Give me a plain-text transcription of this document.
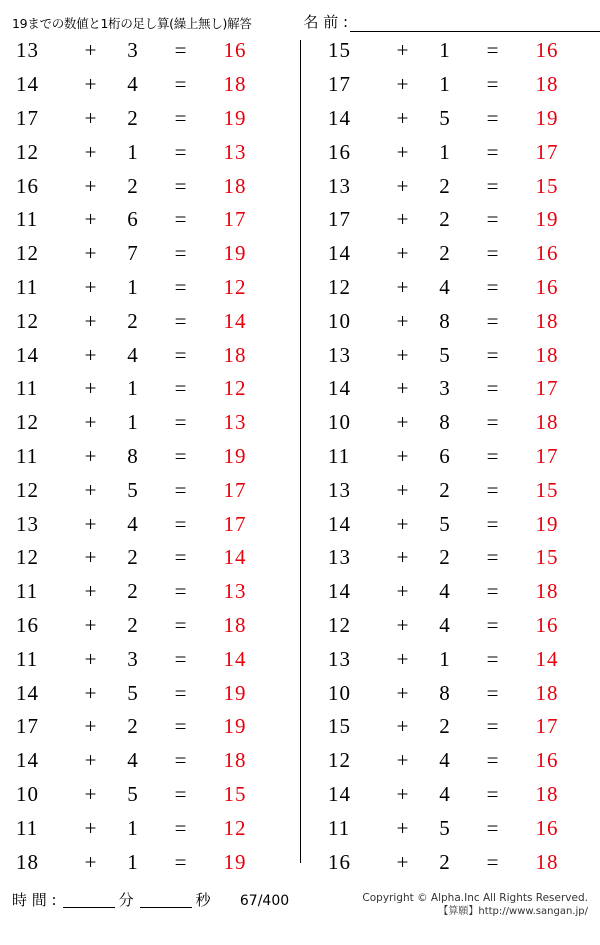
19までの数値と1桁の足し算(繰上無し)解答	名 前 :
13	+	3	=	16
14	+	4	=	18
17	+	2	=	19
12	+	1	=	13
16	+	2	=	18
11	+	6	=	17
12	+	7	=	19
11	+	1	=	12
12	+	2	=	14
14	+	4	=	18
11	+	1	=	12
12	+	1	=	13
11	+	8	=	19
12	+	5	=	17
13	+	4	=	17
12	+	2	=	14
11	+	2	=	13
16	+	2	=	18
11	+	3	=	14
14	+	5	=	19
17	+	2	=	19
14	+	4	=	18
10	+	5	=	15
11	+	1	=	12
18	+	1	=	19
15	+	1	=	16
17	+	1	=	18
14	+	5	=	19
16	+	1	=	17
13	+	2	=	15
17	+	2	=	19
14	+	2	=	16
12	+	4	=	16
10	+	8	=	18
13	+	5	=	18
14	+	3	=	17
10	+	8	=	18
11	+	6	=	17
13	+	2	=	15
14	+	5	=	19
13	+	2	=	15
14	+	4	=	18
12	+	4	=	16
13	+	1	=	14
10	+	8	=	18
15	+	2	=	17
12	+	4	=	16
14	+	4	=	18
11	+	5	=	16
16	+	2	=	18
時 間 :	分	秒 67/400	Copyright © Alpha.Inc All Rights Reserved.
【算願】http://www.sangan.jp/
